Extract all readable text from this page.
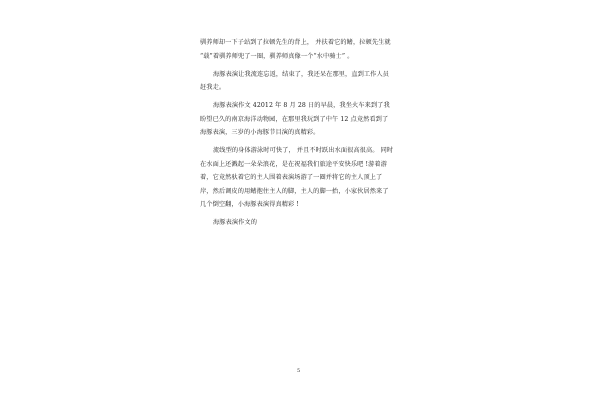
驯养师却一下子站到了拉顿先生的背上， 并扶着它的鳍，拉顿先生就
“载”着驯养师兜了一圈，驯养师真像一个“水中骑士” 。

海豚表演让我流连忘返，结束了，我还呆在那里，直到工作人员
赶我走。

海豚表演作文 42012 年 8 月 28 日的早晨，我坐火车来到了我
盼望已久的南京海洋动物园，在那里我玩到了中午 12 点竟然看到了
海豚表演，三岁的小海豚节目演的真精彩。

流线型的身体游泳时可快了， 并且不时跃出水面很高很高。 同时
在水面上还溅起一朵朵浪花，是在祝福我们旅途平安快乐吧 !游着游
着，它竟然驮着它的主人围着表演场游了一圈并将它的主人顶上了
岸，然后调皮的用鳍抱住主人的脚，主人的脚一抬，小家伙居然来了
几个倒空翻，小海豚表演得真精彩 !

海豚表演作文的

5
